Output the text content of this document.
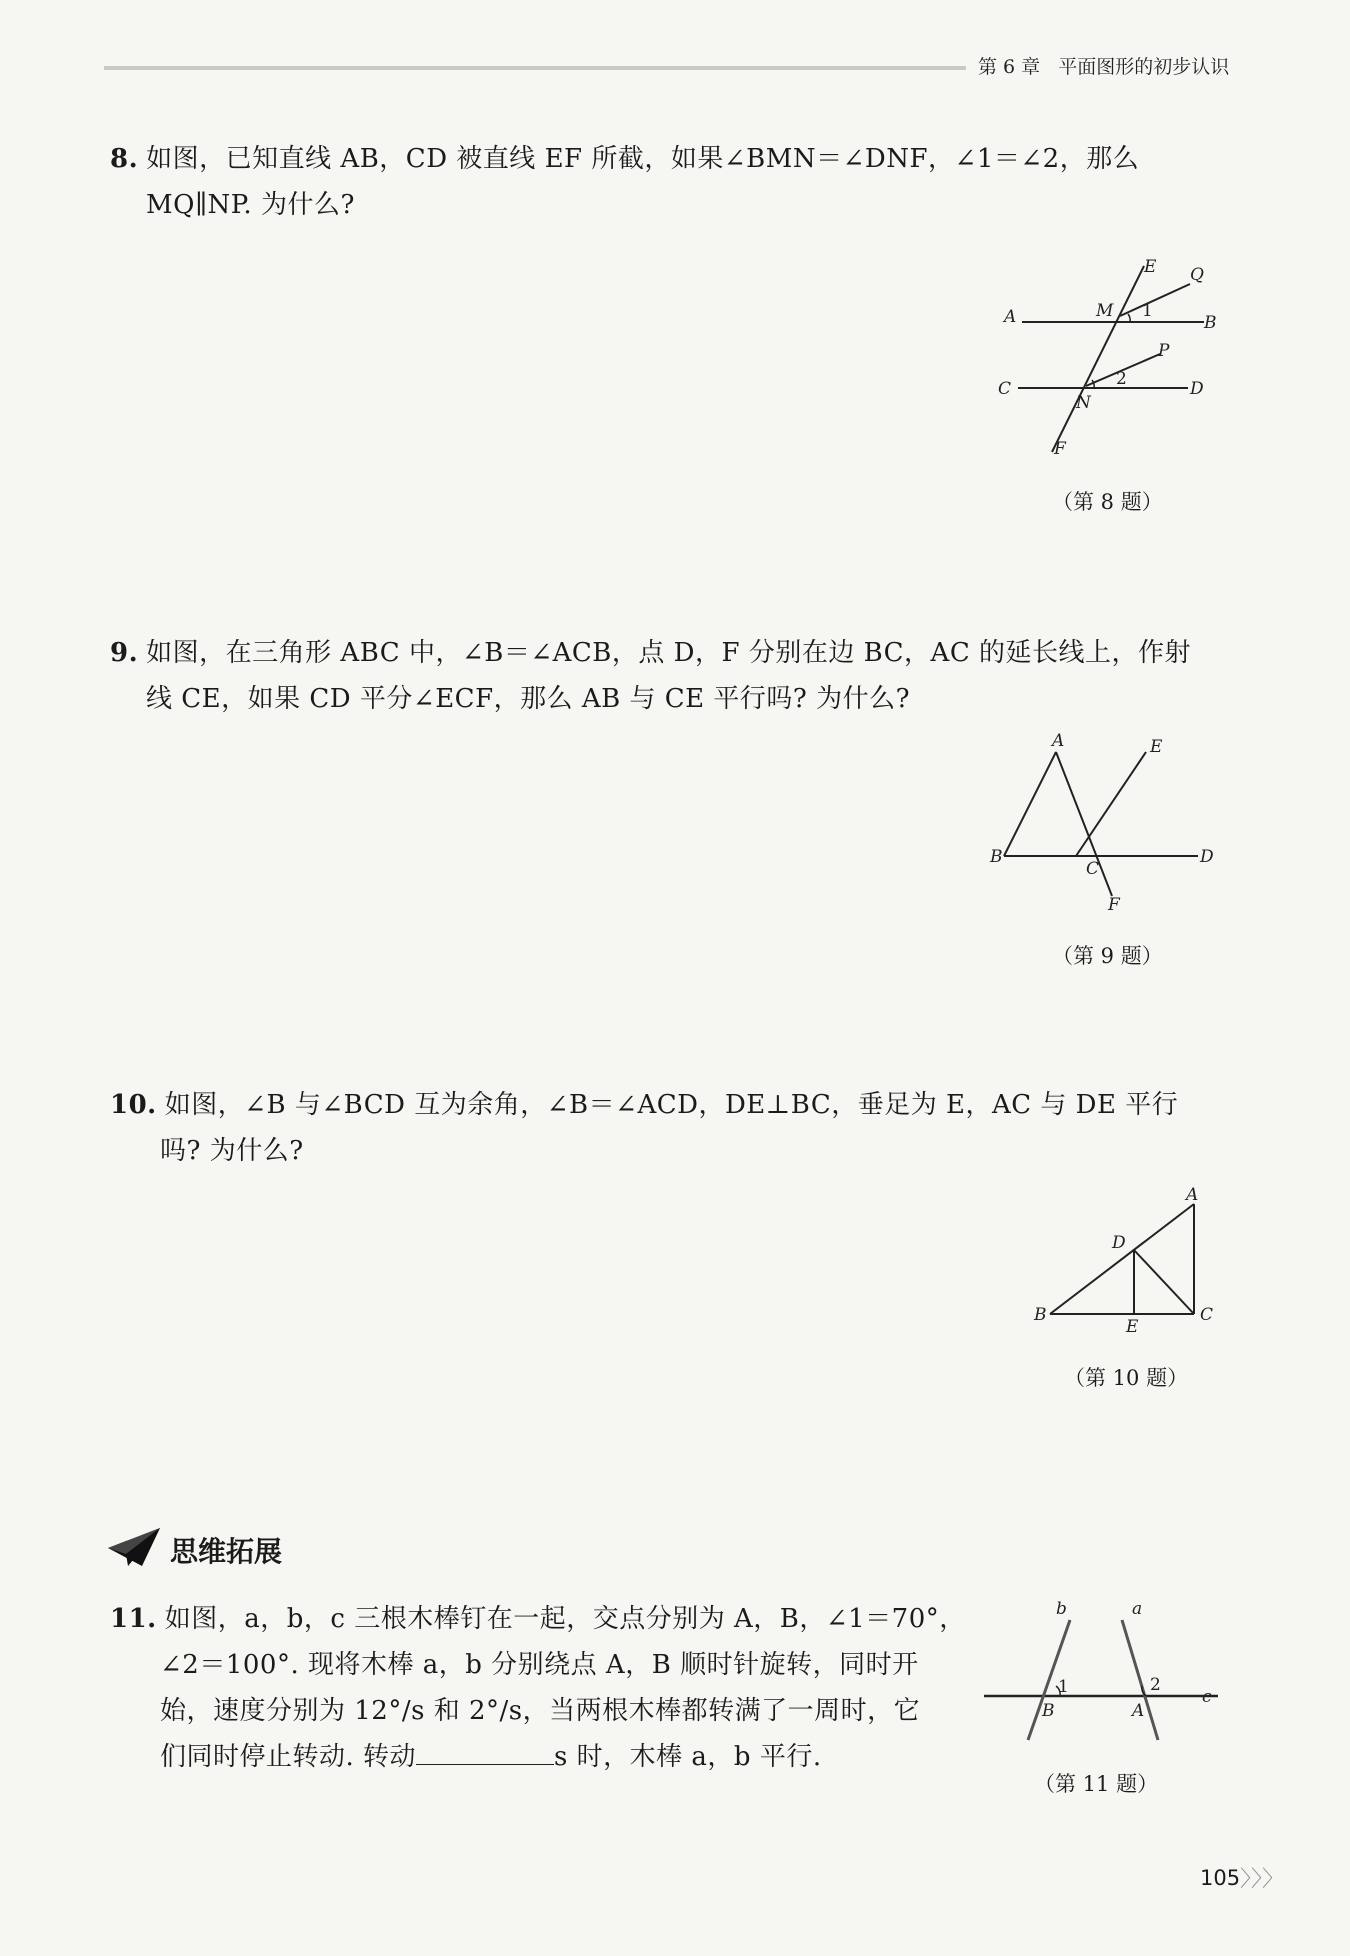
第 6 章 平面图形的初步认识
8. 如图，已知直线 AB，CD 被直线 EF 所截，如果∠BMN＝∠DNF，∠1＝∠2，那么
MQ∥NP. 为什么?
E Q
A	M 1
B
P
2
C	D
N
F
（第 8 题）
9. 如图，在三角形 ABC 中，∠B＝∠ACB，点 D，F 分别在边 BC，AC 的延长线上，作射
线 CE，如果 CD 平分∠ECF，那么 AB 与 CE 平行吗? 为什么?
A	E
B
C
D
F
（第 9 题）
10. 如图，∠B 与∠BCD 互为余角，∠B＝∠ACD，DE⊥BC，垂足为 E，AC 与 DE 平行
吗? 为什么?
A
D
B
E
C
（第 10 题）
思维拓展
11. 如图，a，b，c 三根木棒钉在一起，交点分别为 A，B，∠1＝70°，
∠2＝100°. 现将木棒 a，b 分别绕点 A，B 顺时针旋转，同时开
始，速度分别为 12°/s 和 2°/s，当两根木棒都转满了一周时，它
们同时停止转动. 转动	s 时，木棒 a，b 平行.
b	a
1
B
2
A
c
（第 11 题）
105 〉〉〉
